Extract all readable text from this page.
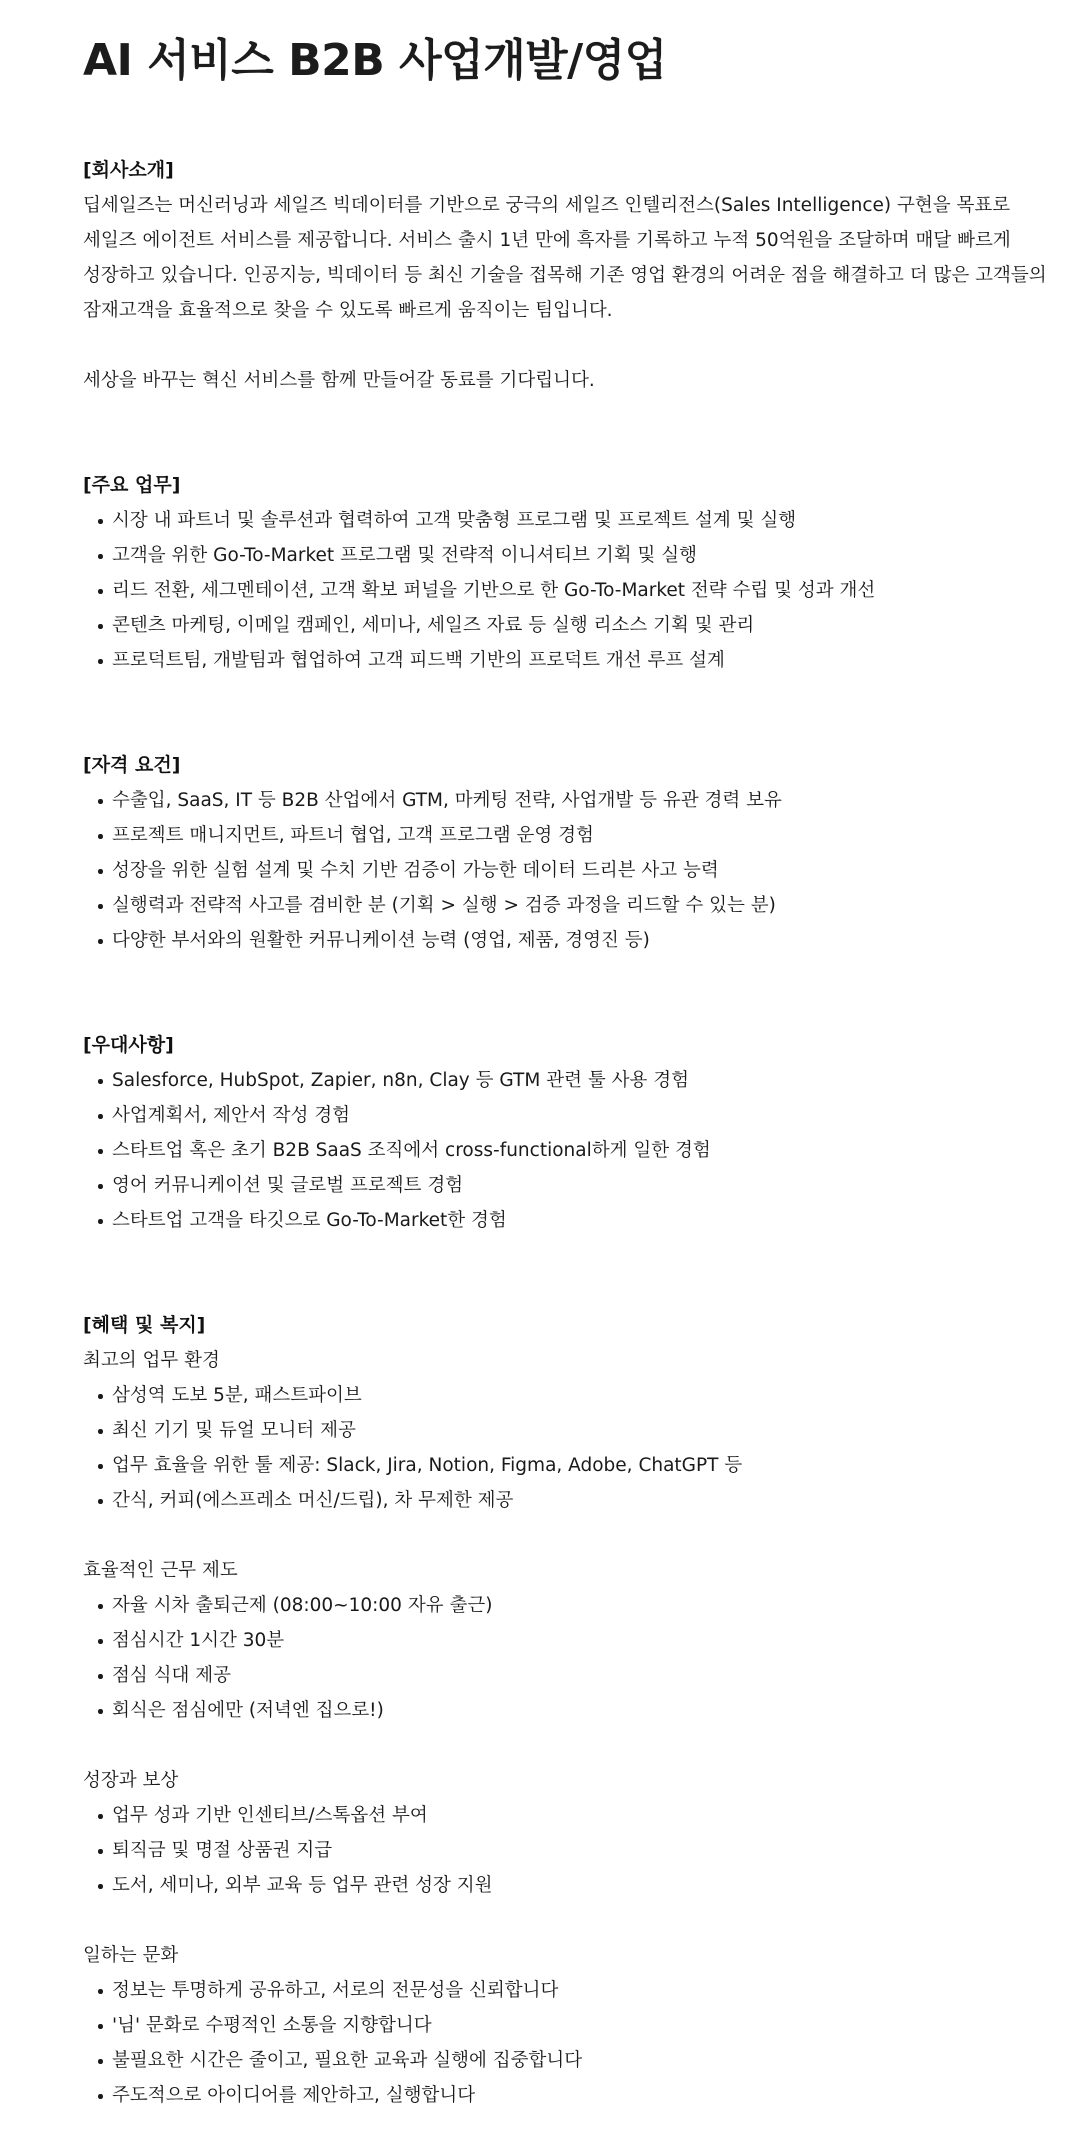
AI 서비스 B2B 사업개발/영업

[회사소개]

딥세일즈는 머신러닝과 세일즈 빅데이터를 기반으로 궁극의 세일즈 인텔리전스(Sales Intelligence) 구현을 목표로 세일즈 에이전트 서비스를 제공합니다. 서비스 출시 1년 만에 흑자를 기록하고 누적 50억원을 조달하며 매달 빠르게 성장하고 있습니다. 인공지능, 빅데이터 등 최신 기술을 접목해 기존 영업 환경의 어려운 점을 해결하고 더 많은 고객들의 잠재고객을 효율적으로 찾을 수 있도록 빠르게 움직이는 팀입니다.

세상을 바꾸는 혁신 서비스를 함께 만들어갈 동료를 기다립니다.

[주요 업무]

시장 내 파트너 및 솔루션과 협력하여 고객 맞춤형 프로그램 및 프로젝트 설계 및 실행
고객을 위한 Go-To-Market 프로그램 및 전략적 이니셔티브 기획 및 실행
리드 전환, 세그멘테이션, 고객 확보 퍼널을 기반으로 한 Go-To-Market 전략 수립 및 성과 개선
콘텐츠 마케팅, 이메일 캠페인, 세미나, 세일즈 자료 등 실행 리소스 기획 및 관리
프로덕트팀, 개발팀과 협업하여 고객 피드백 기반의 프로덕트 개선 루프 설계

[자격 요건]

수출입, SaaS, IT 등 B2B 산업에서 GTM, 마케팅 전략, 사업개발 등 유관 경력 보유
프로젝트 매니지먼트, 파트너 협업, 고객 프로그램 운영 경험
성장을 위한 실험 설계 및 수치 기반 검증이 가능한 데이터 드리븐 사고 능력
실행력과 전략적 사고를 겸비한 분 (기획 > 실행 > 검증 과정을 리드할 수 있는 분)
다양한 부서와의 원활한 커뮤니케이션 능력 (영업, 제품, 경영진 등)

[우대사항]

Salesforce, HubSpot, Zapier, n8n, Clay 등 GTM 관련 툴 사용 경험
사업계획서, 제안서 작성 경험
스타트업 혹은 초기 B2B SaaS 조직에서 cross-functional하게 일한 경험
영어 커뮤니케이션 및 글로벌 프로젝트 경험
스타트업 고객을 타깃으로 Go-To-Market한 경험

[혜택 및 복지]

최고의 업무 환경

삼성역 도보 5분, 패스트파이브
최신 기기 및 듀얼 모니터 제공
업무 효율을 위한 툴 제공: Slack, Jira, Notion, Figma, Adobe, ChatGPT 등
간식, 커피(에스프레소 머신/드립), 차 무제한 제공

효율적인 근무 제도

자율 시차 출퇴근제 (08:00~10:00 자유 출근)
점심시간 1시간 30분
점심 식대 제공
회식은 점심에만 (저녁엔 집으로!)

성장과 보상

업무 성과 기반 인센티브/스톡옵션 부여
퇴직금 및 명절 상품권 지급
도서, 세미나, 외부 교육 등 업무 관련 성장 지원

일하는 문화

정보는 투명하게 공유하고, 서로의 전문성을 신뢰합니다
'님' 문화로 수평적인 소통을 지향합니다
불필요한 시간은 줄이고, 필요한 교육과 실행에 집중합니다
주도적으로 아이디어를 제안하고, 실행합니다
